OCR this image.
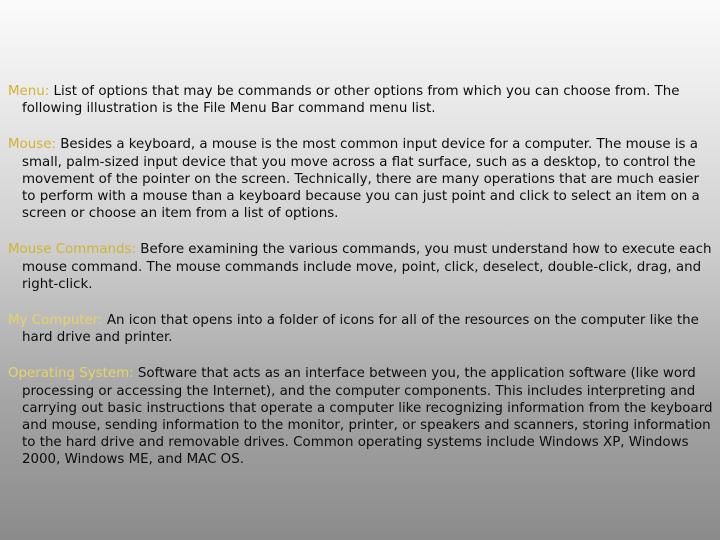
Menu: List of options that may be commands or other options from which you can choose from. The following illustration is the File Menu Bar command menu list.

Mouse: Besides a keyboard, a mouse is the most common input device for a computer. The mouse is a small, palm-sized input device that you move across a flat surface, such as a desktop, to control the movement of the pointer on the screen. Technically, there are many operations that are much easier to perform with a mouse than a keyboard because you can just point and click to select an item on a screen or choose an item from a list of options.

Mouse Commands: Before examining the various commands, you must understand how to execute each mouse command. The mouse commands include move, point, click, deselect, double-click, drag, and right-click.

My Computer: An icon that opens into a folder of icons for all of the resources on the computer like the hard drive and printer.

Operating System: Software that acts as an interface between you, the application software (like word processing or accessing the Internet), and the computer components. This includes interpreting and carrying out basic instructions that operate a computer like recognizing information from the keyboard and mouse, sending information to the monitor, printer, or speakers and scanners, storing information to the hard drive and removable drives. Common operating systems include Windows XP, Windows 2000, Windows ME, and MAC OS.
